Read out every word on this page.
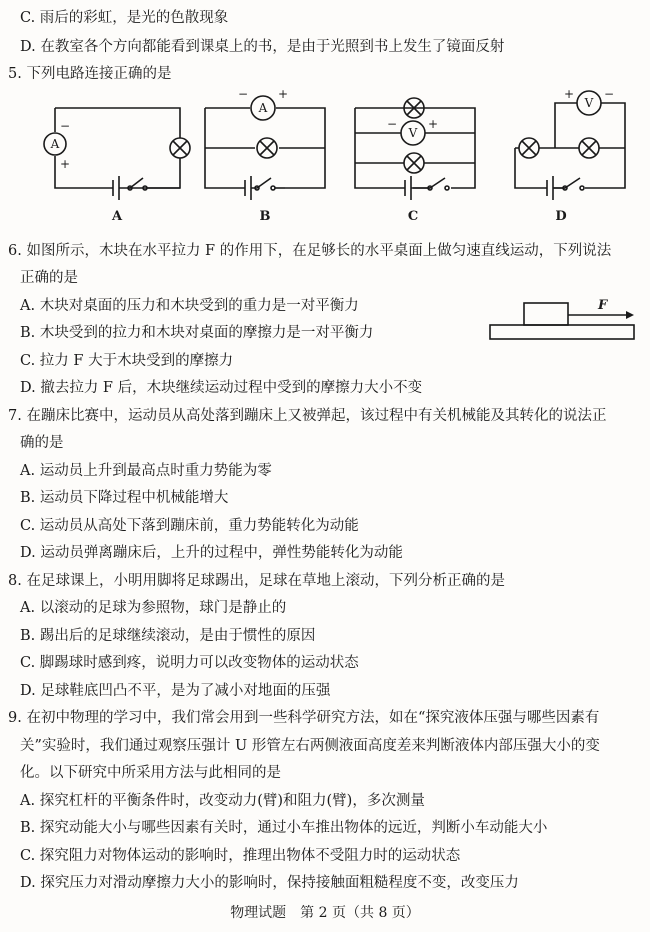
C. 雨后的彩虹，是光的色散现象
D. 在教室各个方向都能看到课桌上的书，是由于光照到书上发生了镜面反射
5. 下列电路连接正确的是
A
−
+
A
− +
V
−	+
V
+ −
A	B	C	D
6. 如图所示，木块在水平拉力 F 的作用下，在足够长的水平桌面上做匀速直线运动，下列说法
正确的是
A. 木块对桌面的压力和木块受到的重力是一对平衡力
B. 木块受到的拉力和木块对桌面的摩擦力是一对平衡力
C. 拉力 F 大于木块受到的摩擦力
D. 撤去拉力 F 后，木块继续运动过程中受到的摩擦力大小不变
F
7. 在蹦床比赛中，运动员从高处落到蹦床上又被弹起，该过程中有关机械能及其转化的说法正
确的是
A. 运动员上升到最高点时重力势能为零
B. 运动员下降过程中机械能增大
C. 运动员从高处下落到蹦床前，重力势能转化为动能
D. 运动员弹离蹦床后，上升的过程中，弹性势能转化为动能
8. 在足球课上，小明用脚将足球踢出，足球在草地上滚动，下列分析正确的是
A. 以滚动的足球为参照物，球门是静止的
B. 踢出后的足球继续滚动，是由于惯性的原因
C. 脚踢球时感到疼，说明力可以改变物体的运动状态
D. 足球鞋底凹凸不平，是为了减小对地面的压强
9. 在初中物理的学习中，我们常会用到一些科学研究方法，如在“探究液体压强与哪些因素有
关”实验时，我们通过观察压强计 U 形管左右两侧液面高度差来判断液体内部压强大小的变
化。以下研究中所采用方法与此相同的是
A. 探究杠杆的平衡条件时，改变动力(臂)和阻力(臂)，多次测量
B. 探究动能大小与哪些因素有关时，通过小车推出物体的远近，判断小车动能大小
C. 探究阻力对物体运动的影响时，推理出物体不受阻力时的运动状态
D. 探究压力对滑动摩擦力大小的影响时，保持接触面粗糙程度不变，改变压力
物理试题　第 2 页（共 8 页）
